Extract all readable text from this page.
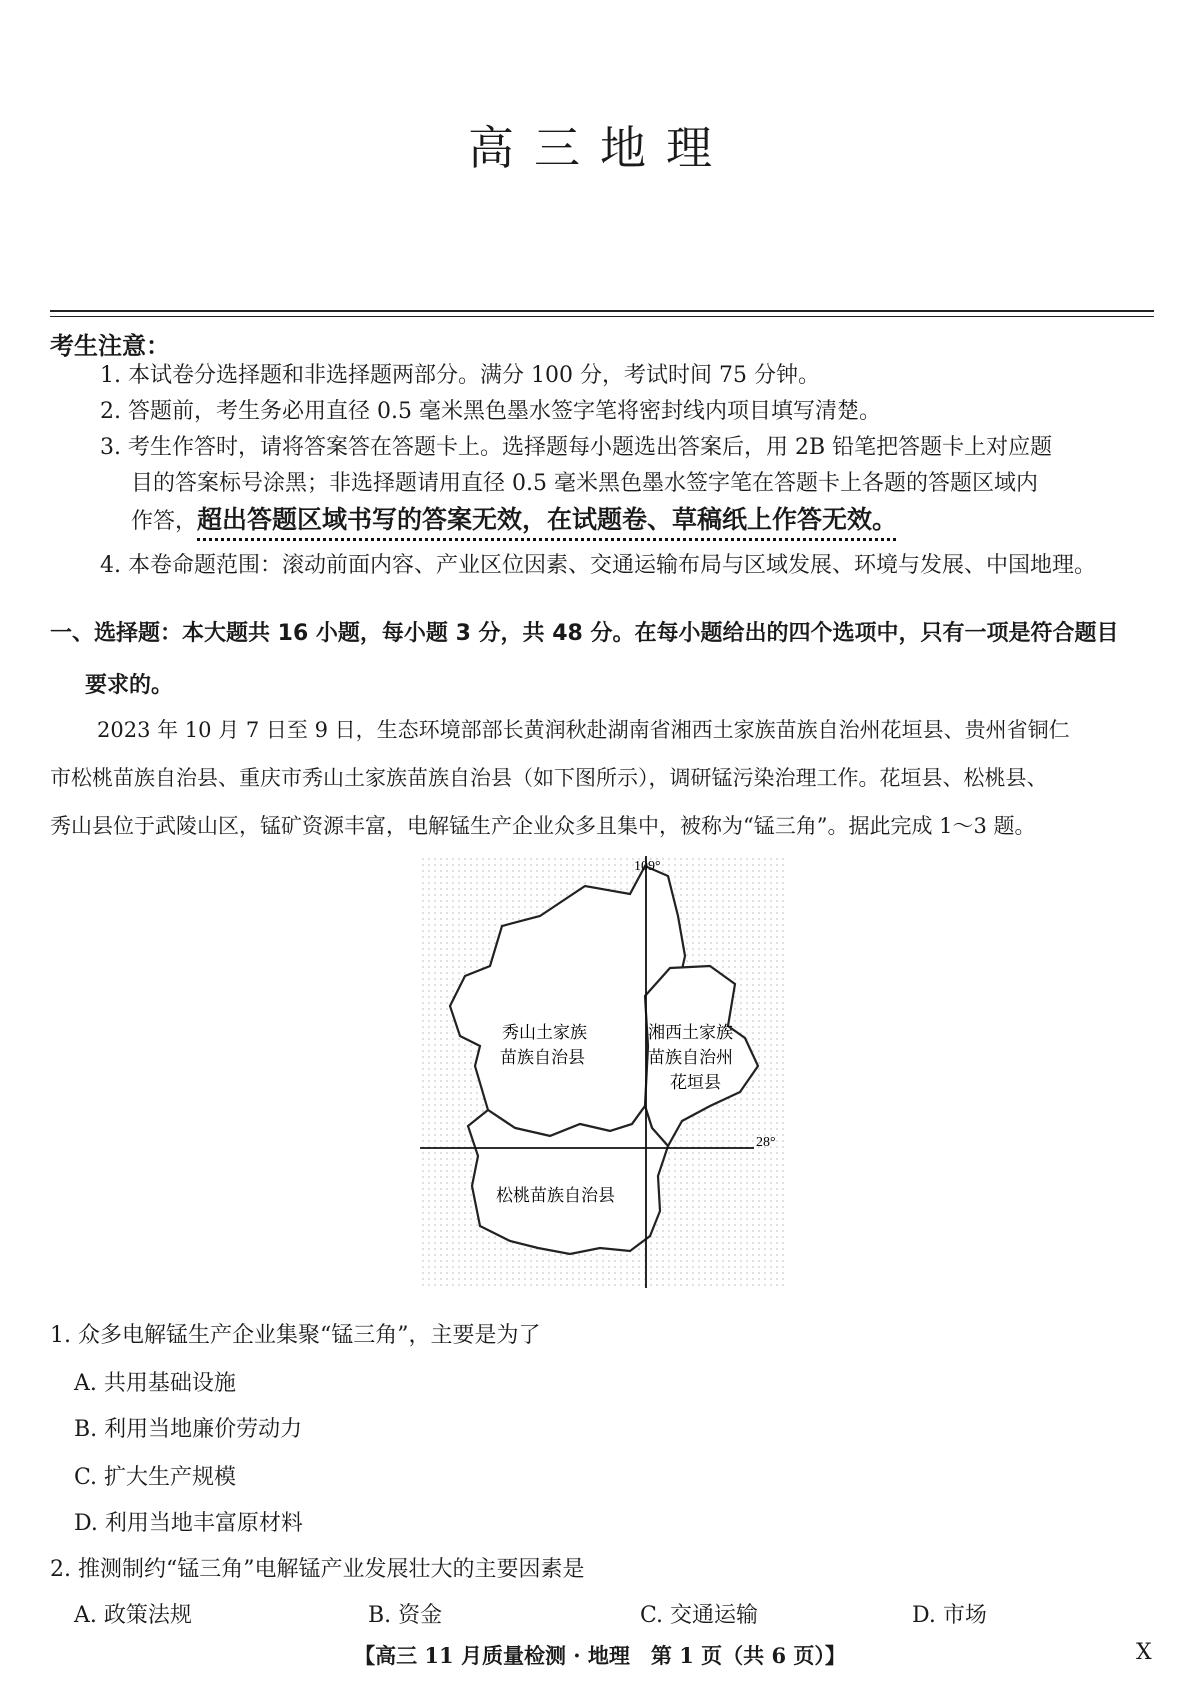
高三地理
考生注意：
1. 本试卷分选择题和非选择题两部分。满分 100 分，考试时间 75 分钟。
2. 答题前，考生务必用直径 0.5 毫米黑色墨水签字笔将密封线内项目填写清楚。
3. 考生作答时，请将答案答在答题卡上。选择题每小题选出答案后，用 2B 铅笔把答题卡上对应题
目的答案标号涂黑；非选择题请用直径 0.5 毫米黑色墨水签字笔在答题卡上各题的答题区域内
作答，超出答题区域书写的答案无效，在试题卷、草稿纸上作答无效。
4. 本卷命题范围：滚动前面内容、产业区位因素、交通运输布局与区域发展、环境与发展、中国地理。
一、选择题：本大题共 16 小题，每小题 3 分，共 48 分。在每小题给出的四个选项中，只有一项是符合题目
要求的。
2023 年 10 月 7 日至 9 日，生态环境部部长黄润秋赴湖南省湘西土家族苗族自治州花垣县、贵州省铜仁
市松桃苗族自治县、重庆市秀山土家族苗族自治县（如下图所示），调研锰污染治理工作。花垣县、松桃县、
秀山县位于武陵山区，锰矿资源丰富，电解锰生产企业众多且集中，被称为“锰三角”。据此完成 1～3 题。
109°
28°
秀山土家族
苗族自治县
湘西土家族
苗族自治州
花垣县
松桃苗族自治县
1. 众多电解锰生产企业集聚“锰三角”，主要是为了
A. 共用基础设施
B. 利用当地廉价劳动力
C. 扩大生产规模
D. 利用当地丰富原材料
2. 推测制约“锰三角”电解锰产业发展壮大的主要因素是
A. 政策法规	B. 资金	C. 交通运输	D. 市场
【高三 11 月质量检测 · 地理　第 1 页（共 6 页）】	X
